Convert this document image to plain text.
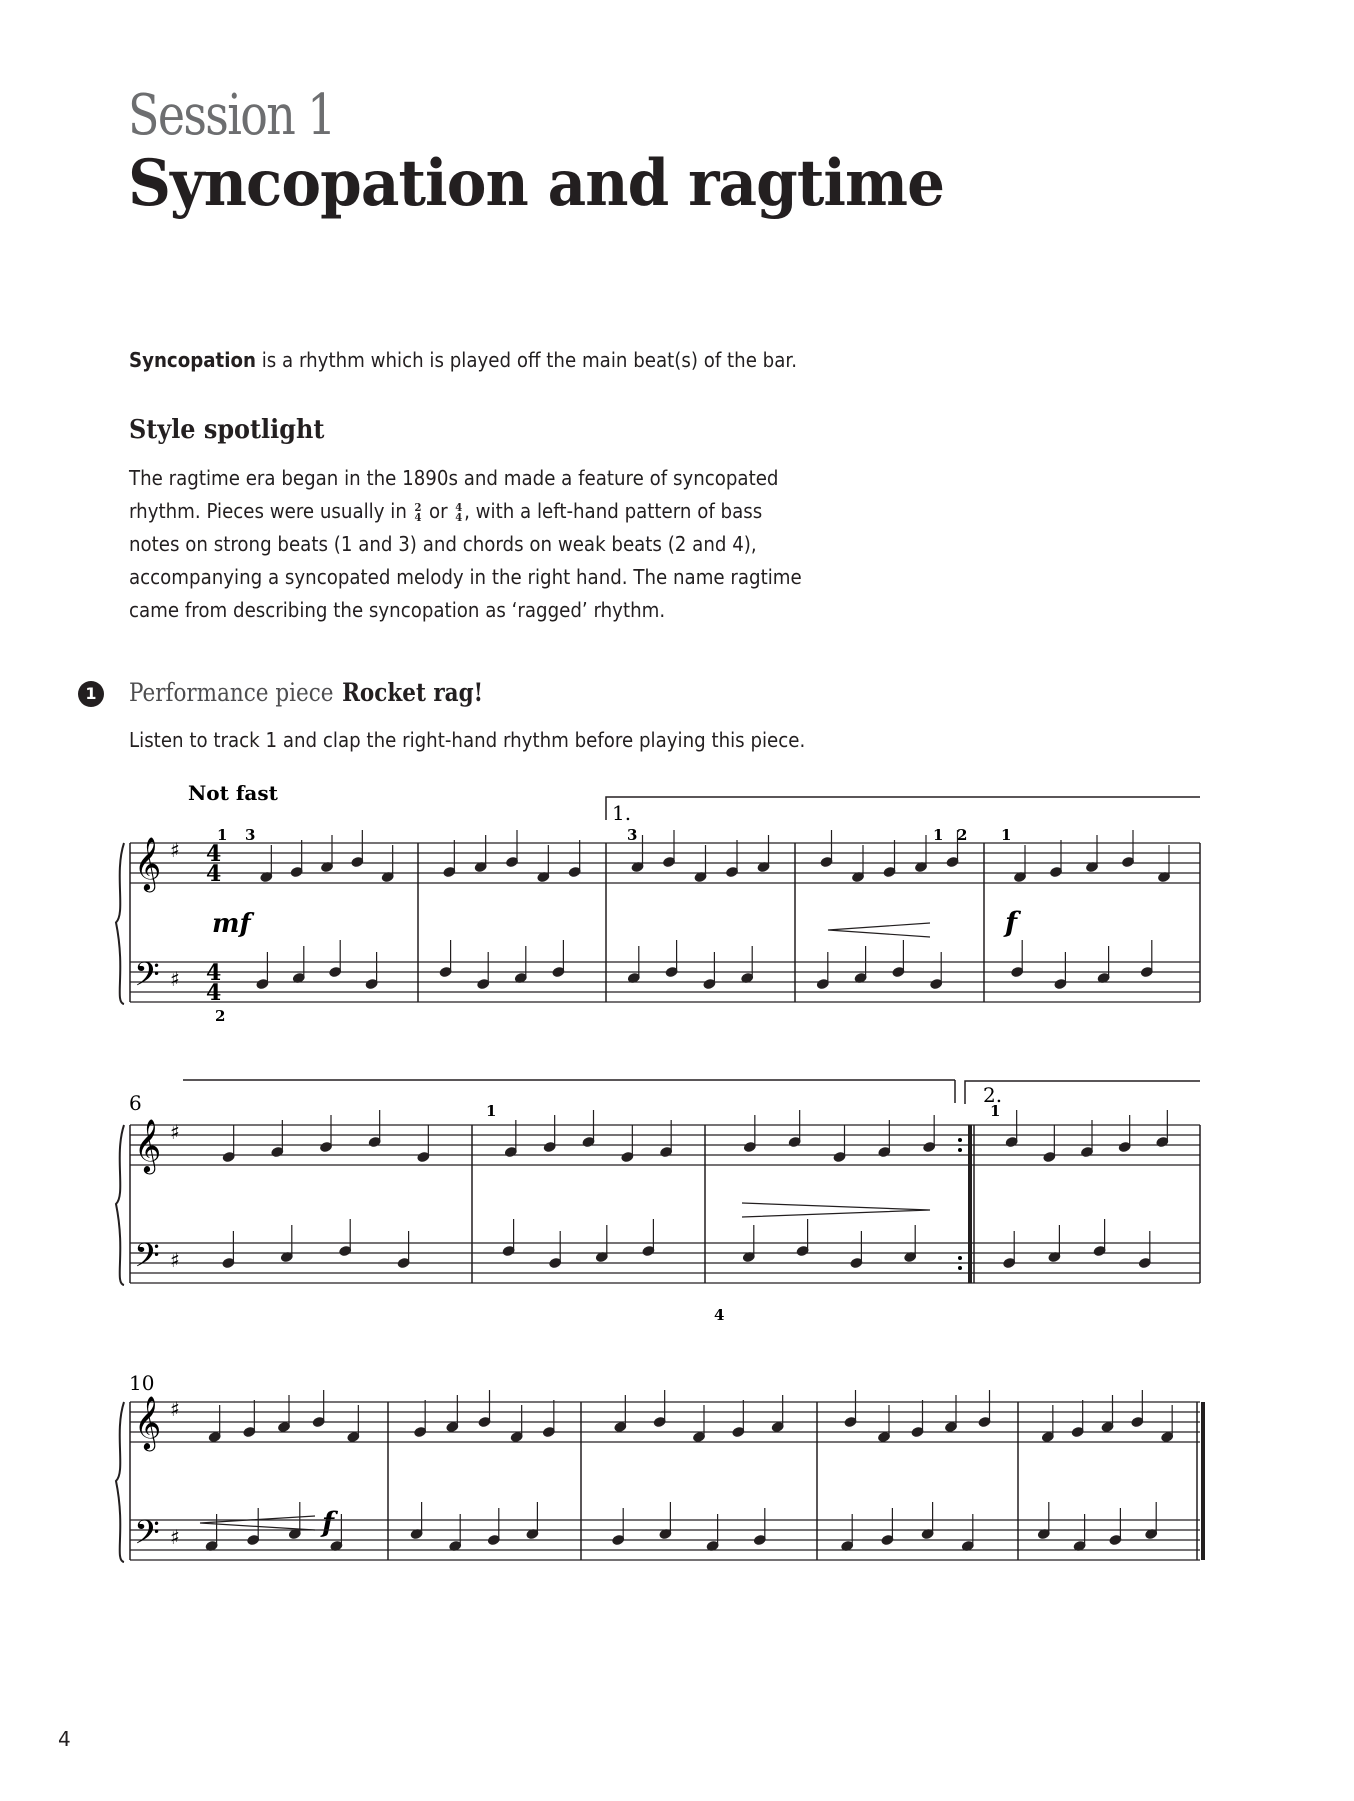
Session 1
Syncopation and ragtime
Syncopation is a rhythm which is played off the main beat(s) of the bar.
Style spotlight
The ragtime era began in the 1890s and made a feature of syncopated
rhythm. Pieces were usually in 2
4 or 4
4 , with a left-hand pattern of bass
notes on strong beats (1 and 3) and chords on weak beats (2 and 4),
accompanying a syncopated melody in the right hand. The name ragtime
came from describing the syncopation as ‘ragged’ rhythm.
1 Performance piece Rocket rag!
Listen to track 1 and clap the right-hand rhythm before playing this piece.
Not fast
1.
2.
6
10
mf	f
f
1 3	3	1 2 1
2
1	1
4
𝄞
𝄢
♯
♯
𝄞
𝄢
♯
♯
𝄞
𝄢
♯
♯
4
4
4
4
4
